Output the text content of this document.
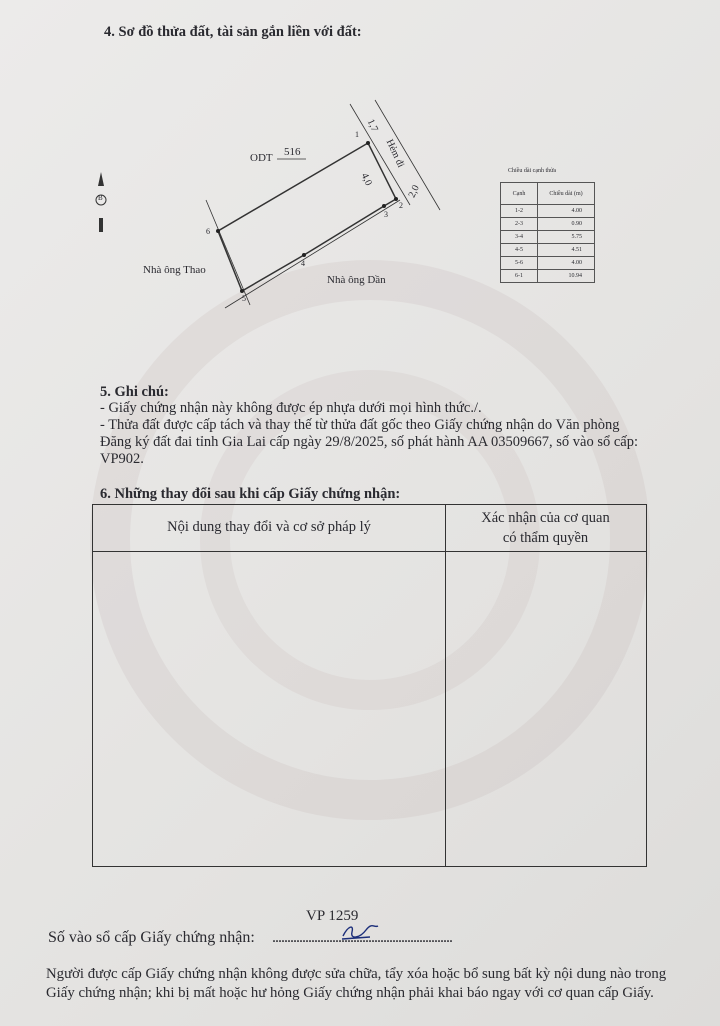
4. Sơ đồ thửa đất, tài sản gắn liền với đất:
B
ODT 516	Hẻm đi
1,7
2,0
4,0
1
2
3
4
5
6
Nhà ông Thao
Nhà ông Dần
Chiều dài cạnh thửa
Cạnh	Chiều dài (m)
1-2	4.00
2-3	0.90
3-4	5.75
4-5	4.51
5-6	4.00
6-1	10.94
5. Ghi chú:
- Giấy chứng nhận này không được ép nhựa dưới mọi hình thức./.
- Thửa đất được cấp tách và thay thế từ thửa đất gốc theo Giấy chứng nhận do Văn phòng
Đăng ký đất đai tỉnh Gia Lai cấp ngày 29/8/2025, số phát hành AA 03509667, số vào sổ cấp:
VP902.
6. Những thay đổi sau khi cấp Giấy chứng nhận:
Nội dung thay đổi và cơ sở pháp lý
Xác nhận của cơ quan
có thẩm quyền
VP 1259
Số vào sổ cấp Giấy chứng nhận: ............................................................
Người được cấp Giấy chứng nhận không được sửa chữa, tẩy xóa hoặc bổ sung bất kỳ nội dung nào trong
Giấy chứng nhận; khi bị mất hoặc hư hỏng Giấy chứng nhận phải khai báo ngay với cơ quan cấp Giấy.
